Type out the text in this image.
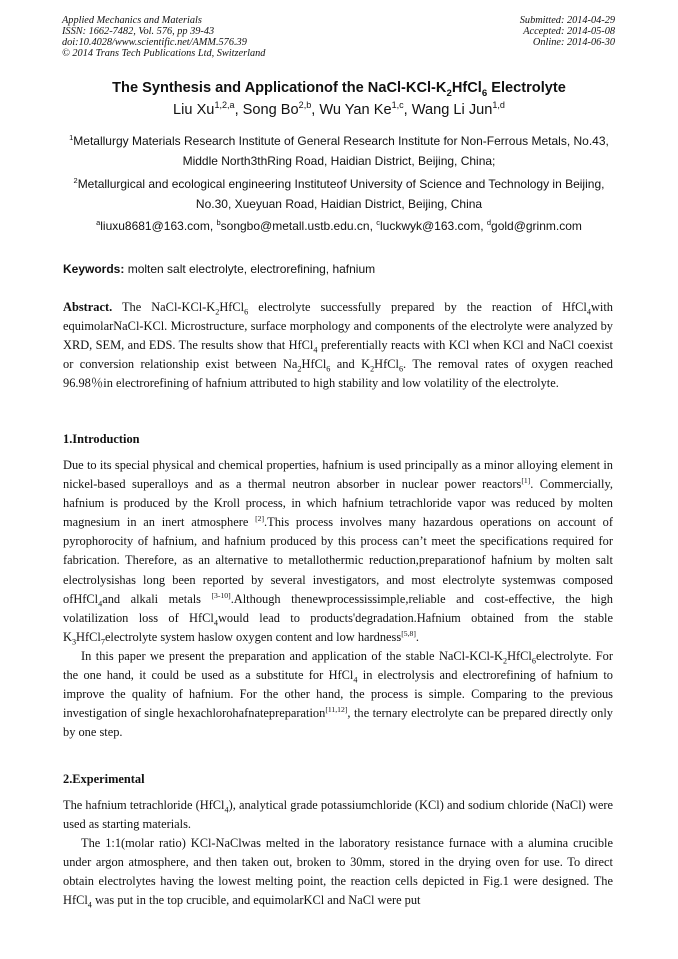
Applied Mechanics and Materials
ISSN: 1662-7482, Vol. 576, pp 39-43
doi:10.4028/www.scientific.net/AMM.576.39
© 2014 Trans Tech Publications Ltd, Switzerland
Submitted: 2014-04-29
Accepted: 2014-05-08
Online: 2014-06-30
The Synthesis and Applicationof the NaCl-$KCl-K_2HfCl_6$ Electrolyte
Liu Xu$^{1,2,a}$, Song Bo$^{2,b}$, Wu Yan Ke$^{1,c}$, Wang Li Jun$^{1,d}$
$^1$Metallurgy Materials Research Institute of General Research Institute for Non-Ferrous Metals, No.43, Middle North3thRing Road, Haidian District, Beijing, China;
$^2$Metallurgical and ecological engineering Instituteof University of Science and Technology in Beijing, No.30, Xueyuan Road, Haidian District, Beijing, China
$^a$liuxu8681@163.com, $^b$songbo@metall.ustb.edu.cn, $^c$luckwyk@163.com, $^d$gold@grinm.com
Keywords: molten salt electrolyte, electrorefining, hafnium

Abstract. The NaCl-$KCl-K_2HfCl_6$ electrolyte successfully prepared by the reaction of HfCl$_4$with equimolarNaCl-KCl. Microstructure, surface morphology and components of the electrolyte were analyzed by XRD, SEM, and EDS. The results show that HfCl$_4$ preferentially reacts with KCl when KCl and NaCl coexist or conversion relationship exist between $Na_2HfCl_6$ and $K_2HfCl_6$. The removal rates of oxygen reached 96.98％in electrorefining of hafnium attributed to high stability and low volatility of the electrolyte.

1.Introduction

Due to its special physical and chemical properties, hafnium is used principally as a minor alloying element in nickel-based superalloys and as a thermal neutron absorber in nuclear power reactors[1]. Commercially, hafnium is produced by the Kroll process, in which hafnium tetrachloride vapor was reduced by molten magnesium in an inert atmosphere [2].This process involves many hazardous operations on account of pyrophorocity of hafnium, and hafnium produced by this process can’t meet the specifications required for fabrication. Therefore, as an alternative to metallothermic reduction,preparationof hafnium by molten salt electrolysishas long been reported by several investigators, and most electrolyte systemwas composed ofHfCl$_4$and alkali metals [3-10].Although thenewprocessissimple,reliable and cost-effective, the high volatilization loss of HfCl$_4$would lead to products'degradation.Hafnium obtained from the stable $K_3HfCl_7electrolyte$ system haslow oxygen content and low hardness[5,8].

In this paper we present the preparation and application of the stable NaCl-$KCl-K_2HfCl_6electrolyte$. For the one hand, it could be used as a substitute for HfCl$_4$ in electrolysis and electrorefining of hafnium to improve the quality of hafnium. For the other hand, the process is simple. Comparing to the previous investigation of single hexachlorohafnatepreparation[11,12], the ternary electrolyte can be prepared directly only by one step.

2.Experimental

The hafnium tetrachloride (HfCl$_4$), analytical grade potassiumchloride (KCl) and sodium chloride (NaCl) were used as starting materials.

The 1:1(molar ratio) KCl-NaClwas melted in the laboratory resistance furnace with a alumina crucible under argon atmosphere, and then taken out, broken to 30mm, stored in the drying oven for use. To direct obtain electrolytes having the lowest melting point, the reaction cells depicted in Fig.1 were designed. The HfCl$_4$ was put in the top crucible, and equimolarKCl and NaCl were put
